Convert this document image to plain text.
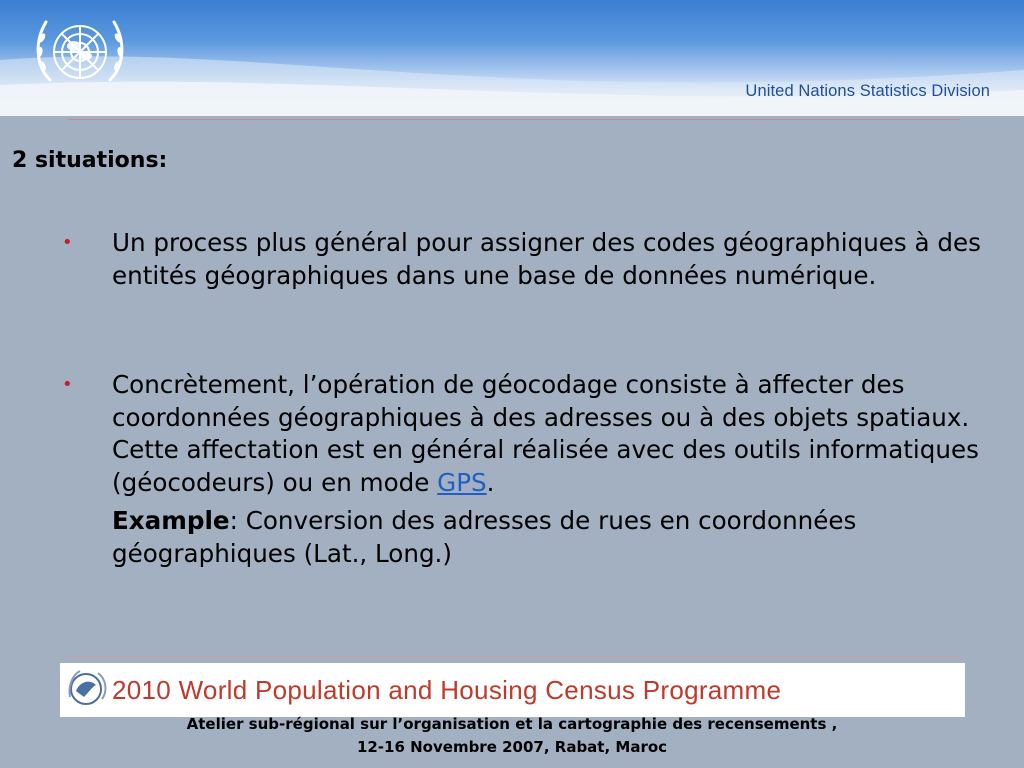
United Nations Statistics Division
2 situations:
• Un process plus général pour assigner des codes géographiques à des entités géographiques dans une base de données numérique.
• Concrètement, l’opération de géocodage consiste à affecter des coordonnées géographiques à des adresses ou à des objets spatiaux. Cette affectation est en général réalisée avec des outils informatiques (géocodeurs) ou en mode GPS.
Example: Conversion des adresses de rues en coordonnées géographiques (Lat., Long.)
2010 World Population and Housing Census Programme
Atelier sub-régional sur l’organisation et la cartographie des recensements ,
12-16 Novembre 2007, Rabat, Maroc
